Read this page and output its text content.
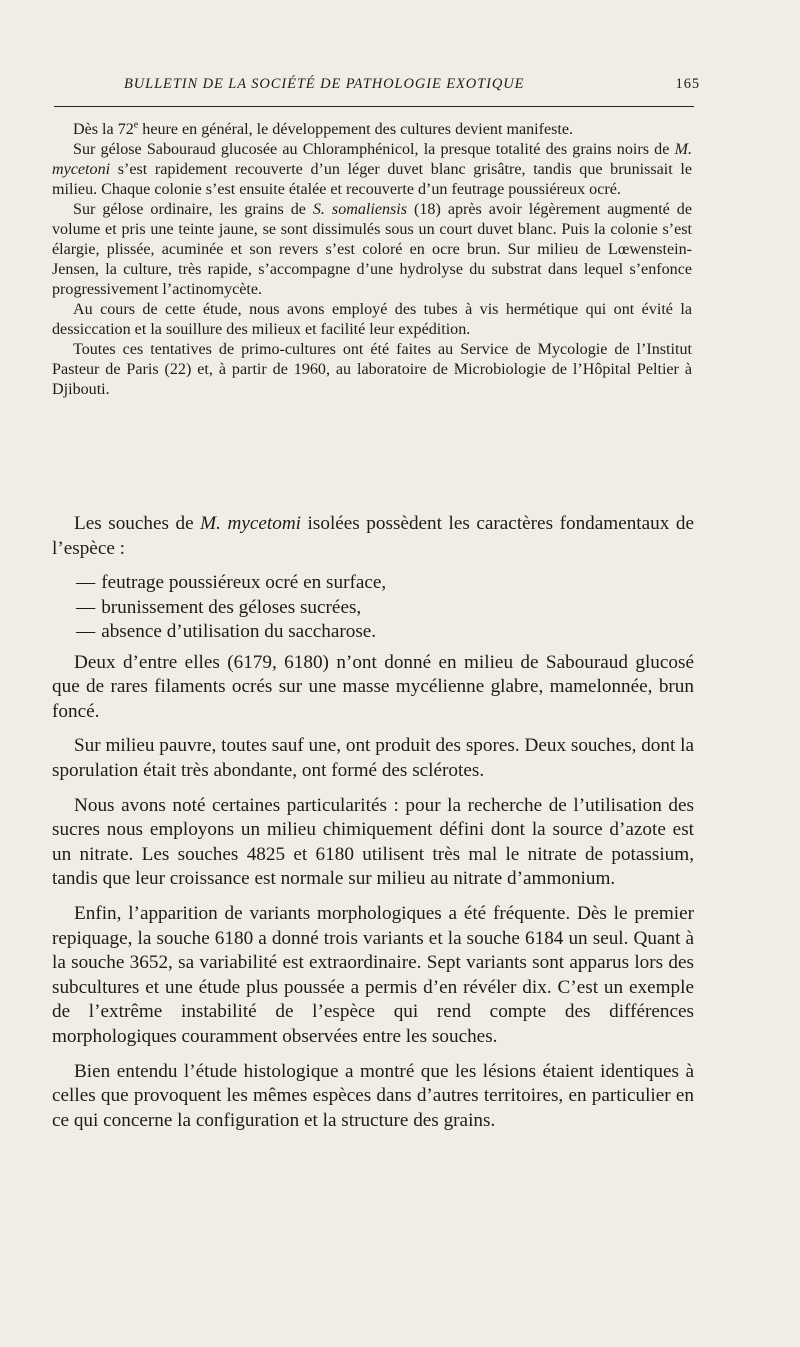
BULLETIN DE LA SOCIÉTÉ DE PATHOLOGIE EXOTIQUE	165

Dès la 72e heure en général, le développement des cultures devient manifeste.

Sur gélose Sabouraud glucosée au Chloramphénicol, la presque totalité des grains noirs de M. mycetoni s’est rapidement recouverte d’un léger duvet blanc grisâtre, tandis que brunissait le milieu. Chaque colonie s’est ensuite étalée et recouverte d’un feutrage poussiéreux ocré.

Sur gélose ordinaire, les grains de S. somaliensis (18) après avoir légèrement augmenté de volume et pris une teinte jaune, se sont dissimulés sous un court duvet blanc. Puis la colonie s’est élargie, plissée, acuminée et son revers s’est coloré en ocre brun. Sur milieu de Lœwenstein-Jensen, la culture, très rapide, s’accompagne d’une hydrolyse du substrat dans lequel s’enfonce progressivement l’actinomycète.

Au cours de cette étude, nous avons employé des tubes à vis hermétique qui ont évité la dessiccation et la souillure des milieux et facilité leur expédition.

Toutes ces tentatives de primo-cultures ont été faites au Service de Mycologie de l’Institut Pasteur de Paris (22) et, à partir de 1960, au laboratoire de Microbiologie de l’Hôpital Peltier à Djibouti.

Les souches de M. mycetomi isolées possèdent les caractères fondamentaux de l’espèce :

— feutrage poussiéreux ocré en surface,
— brunissement des géloses sucrées,
— absence d’utilisation du saccharose.

Deux d’entre elles (6179, 6180) n’ont donné en milieu de Sabouraud glucosé que de rares filaments ocrés sur une masse mycélienne glabre, mamelonnée, brun foncé.

Sur milieu pauvre, toutes sauf une, ont produit des spores. Deux souches, dont la sporulation était très abondante, ont formé des sclérotes.

Nous avons noté certaines particularités : pour la recherche de l’utilisation des sucres nous employons un milieu chimiquement défini dont la source d’azote est un nitrate. Les souches 4825 et 6180 utilisent très mal le nitrate de potassium, tandis que leur croissance est normale sur milieu au nitrate d’ammonium.

Enfin, l’apparition de variants morphologiques a été fréquente. Dès le premier repiquage, la souche 6180 a donné trois variants et la souche 6184 un seul. Quant à la souche 3652, sa variabilité est extraordinaire. Sept variants sont apparus lors des subcultures et une étude plus poussée a permis d’en révéler dix. C’est un exemple de l’extrême instabilité de l’espèce qui rend compte des différences morphologiques couramment observées entre les souches.

Bien entendu l’étude histologique a montré que les lésions étaient identiques à celles que provoquent les mêmes espèces dans d’autres territoires, en particulier en ce qui concerne la configuration et la structure des grains.
